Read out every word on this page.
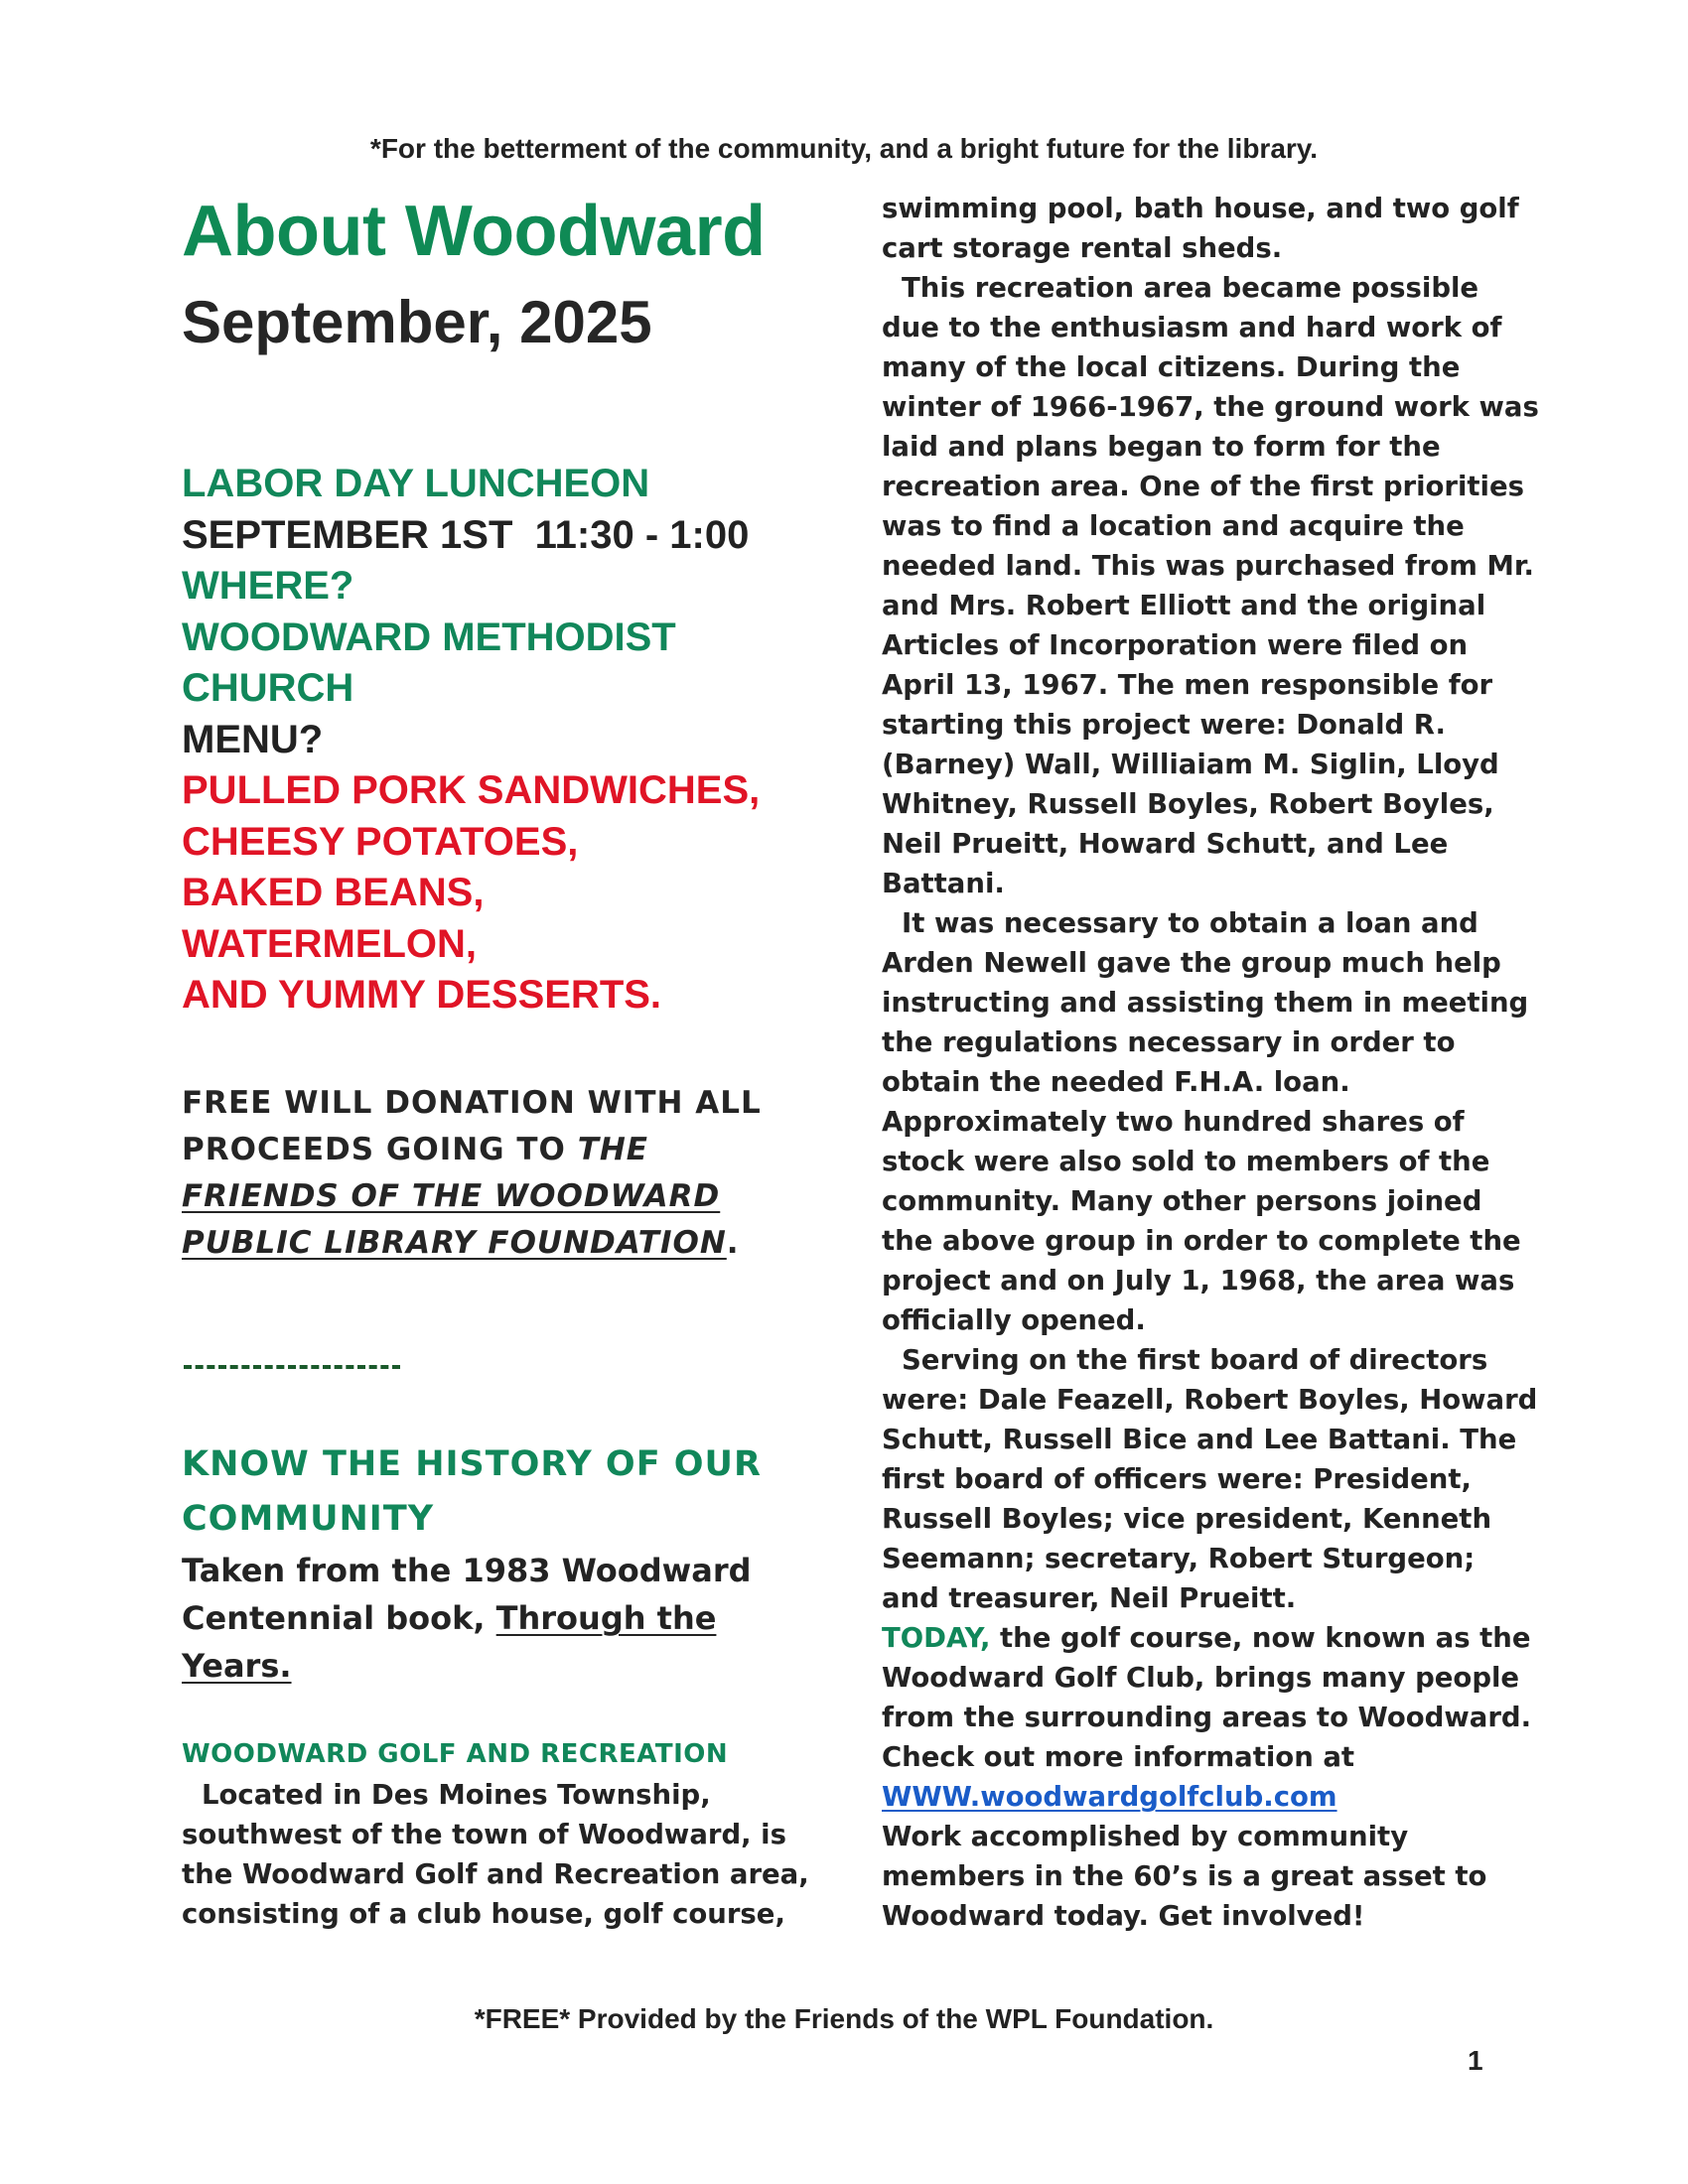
*For the betterment of the community, and a bright future for the library.
About Woodward
September, 2025
LABOR DAY LUNCHEON
SEPTEMBER 1ST  11:30 - 1:00
WHERE?
WOODWARD METHODIST
CHURCH
MENU?
PULLED PORK SANDWICHES,
CHEESY POTATOES,
BAKED BEANS,
WATERMELON,
AND YUMMY DESSERTS.
FREE WILL DONATION WITH ALL
PROCEEDS GOING TO THE
FRIENDS OF THE WOODWARD
PUBLIC LIBRARY FOUNDATION.
KNOW THE HISTORY OF OUR
COMMUNITY
Taken from the 1983 Woodward
Centennial book, Through the
Years.
WOODWARD GOLF AND RECREATION
Located in Des Moines Township,
southwest of the town of Woodward, is
the Woodward Golf and Recreation area,
consisting of a club house, golf course,
swimming pool, bath house, and two golf
cart storage rental sheds.
This recreation area became possible
due to the enthusiasm and hard work of
many of the local citizens. During the
winter of 1966-1967, the ground work was
laid and plans began to form for the
recreation area. One of the first priorities
was to find a location and acquire the
needed land. This was purchased from Mr.
and Mrs. Robert Elliott and the original
Articles of Incorporation were filed on
April 13, 1967. The men responsible for
starting this project were: Donald R.
(Barney) Wall, Williaiam M. Siglin, Lloyd
Whitney, Russell Boyles, Robert Boyles,
Neil Prueitt, Howard Schutt, and Lee
Battani.
It was necessary to obtain a loan and
Arden Newell gave the group much help
instructing and assisting them in meeting
the regulations necessary in order to
obtain the needed F.H.A. loan.
Approximately two hundred shares of
stock were also sold to members of the
community. Many other persons joined
the above group in order to complete the
project and on July 1, 1968, the area was
officially opened.
Serving on the first board of directors
were: Dale Feazell, Robert Boyles, Howard
Schutt, Russell Bice and Lee Battani. The
first board of officers were: President,
Russell Boyles; vice president, Kenneth
Seemann; secretary, Robert Sturgeon;
and treasurer, Neil Prueitt.
TODAY, the golf course, now known as the
Woodward Golf Club, brings many people
from the surrounding areas to Woodward.
Check out more information at
WWW.woodwardgolfclub.com
Work accomplished by community
members in the 60’s is a great asset to
Woodward today. Get involved!
*FREE* Provided by the Friends of the WPL Foundation.
1
